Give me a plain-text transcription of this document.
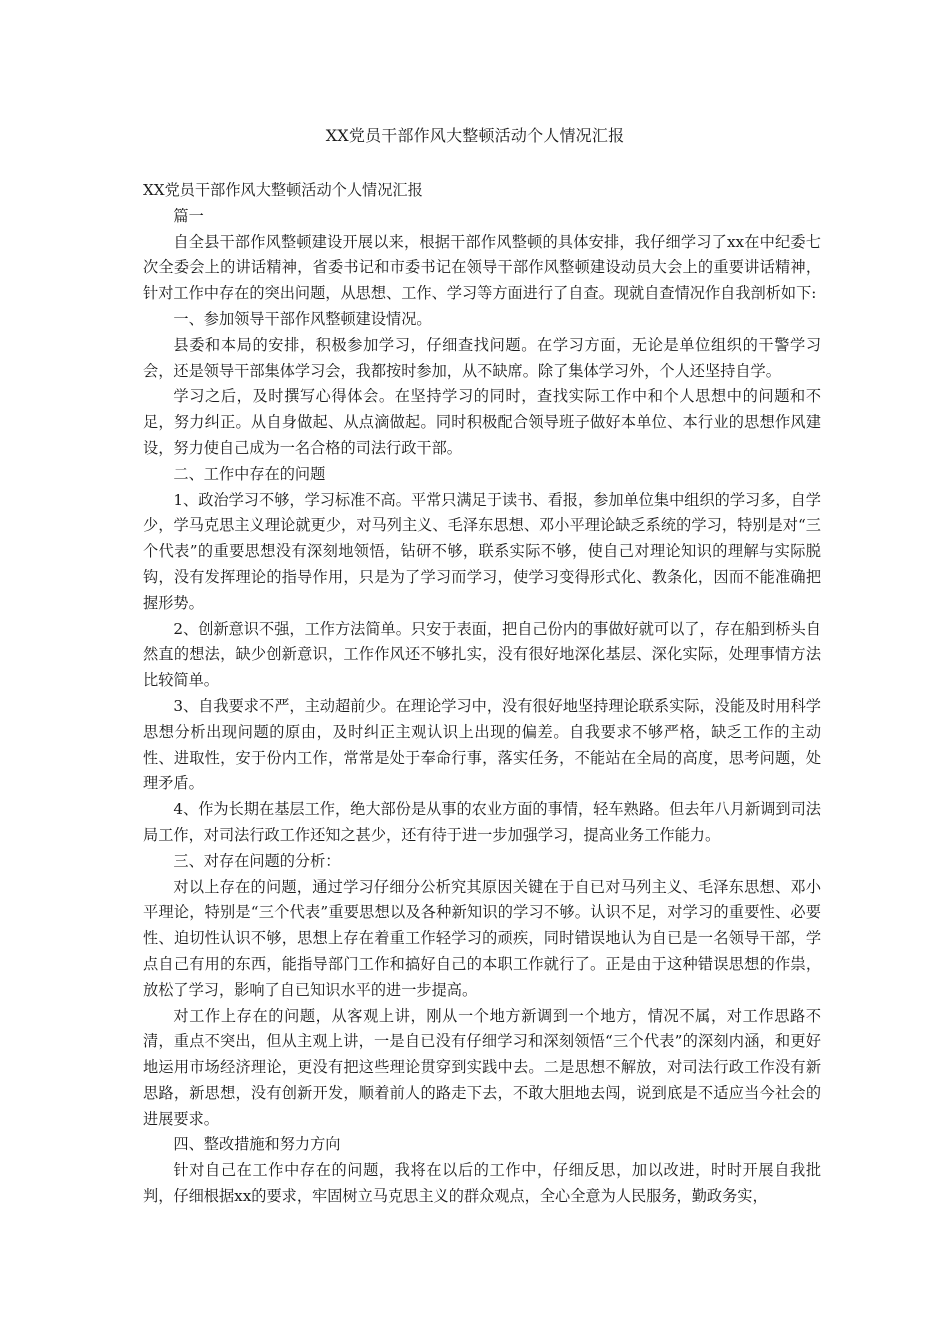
XX党员干部作风大整顿活动个人情况汇报

XX党员干部作风大整顿活动个人情况汇报

篇一

自全县干部作风整顿建设开展以来，根据干部作风整顿的具体安排，我仔细学习了xx在中纪委七次全委会上的讲话精神，省委书记和市委书记在领导干部作风整顿建设动员大会上的重要讲话精神，针对工作中存在的突出问题，从思想、工作、学习等方面进行了自查。现就自查情况作自我剖析如下:

一、参加领导干部作风整顿建设情况。

县委和本局的安排，积极参加学习，仔细查找问题。在学习方面，无论是单位组织的干警学习会，还是领导干部集体学习会，我都按时参加，从不缺席。除了集体学习外，个人还坚持自学。

学习之后，及时撰写心得体会。在坚持学习的同时，查找实际工作中和个人思想中的问题和不足，努力纠正。从自身做起、从点滴做起。同时积极配合领导班子做好本单位、本行业的思想作风建设，努力使自己成为一名合格的司法行政干部。

二、工作中存在的问题

1、政治学习不够，学习标准不高。平常只满足于读书、看报，参加单位集中组织的学习多，自学少，学马克思主义理论就更少，对马列主义、毛泽东思想、邓小平理论缺乏系统的学习，特别是对“三个代表”的重要思想没有深刻地领悟，钻研不够，联系实际不够，使自己对理论知识的理解与实际脱钩，没有发挥理论的指导作用，只是为了学习而学习，使学习变得形式化、教条化，因而不能准确把握形势。

2、创新意识不强，工作方法简单。只安于表面，把自己份内的事做好就可以了，存在船到桥头自然直的想法，缺少创新意识，工作作风还不够扎实，没有很好地深化基层、深化实际，处理事情方法比较简单。

3、自我要求不严，主动超前少。在理论学习中，没有很好地坚持理论联系实际，没能及时用科学思想分析出现问题的原由，及时纠正主观认识上出现的偏差。自我要求不够严格，缺乏工作的主动性、进取性，安于份内工作，常常是处于奉命行事，落实任务，不能站在全局的高度，思考问题，处理矛盾。

4、作为长期在基层工作，绝大部份是从事的农业方面的事情，轻车熟路。但去年八月新调到司法局工作，对司法行政工作还知之甚少，还有待于进一步加强学习，提高业务工作能力。

三、对存在问题的分析：

对以上存在的问题，通过学习仔细分公析究其原因关键在于自已对马列主义、毛泽东思想、邓小平理论，特别是“三个代表”重要思想以及各种新知识的学习不够。认识不足，对学习的重要性、必要性、迫切性认识不够，思想上存在着重工作轻学习的顽疾，同时错误地认为自已是一名领导干部，学点自己有用的东西，能指导部门工作和搞好自己的本职工作就行了。正是由于这种错误思想的作祟，放松了学习，影响了自已知识水平的进一步提高。

对工作上存在的问题，从客观上讲，刚从一个地方新调到一个地方，情况不属，对工作思路不清，重点不突出，但从主观上讲，一是自已没有仔细学习和深刻领悟“三个代表”的深刻内涵，和更好地运用市场经济理论，更没有把这些理论贯穿到实践中去。二是思想不解放，对司法行政工作没有新思路，新思想，没有创新开发，顺着前人的路走下去，不敢大胆地去闯，说到底是不适应当今社会的进展要求。

四、整改措施和努力方向

针对自己在工作中存在的问题，我将在以后的工作中，仔细反思，加以改进，时时开展自我批判，仔细根据xx的要求，牢固树立马克思主义的群众观点，全心全意为人民服务，勤政务实，
